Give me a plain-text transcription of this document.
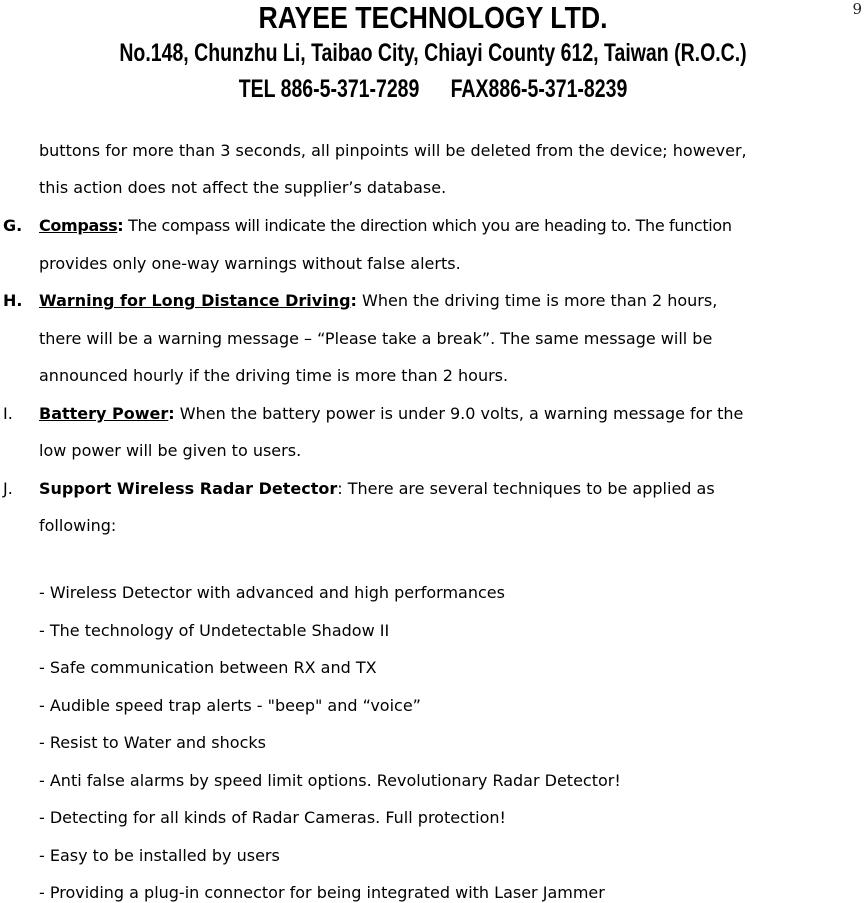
9
RAYEE TECHNOLOGY LTD.
No.148, Chunzhu Li, Taibao City, Chiayi County 612, Taiwan (R.O.C.)
TEL 886-5-371-7289 FAX886-5-371-8239
buttons for more than 3 seconds, all pinpoints will be deleted from the device; however,
this action does not affect the supplier’s database.
G. Compass: The compass will indicate the direction which you are heading to. The function
provides only one-way warnings without false alerts.
H. Warning for Long Distance Driving: When the driving time is more than 2 hours,
there will be a warning message – “Please take a break”. The same message will be
announced hourly if the driving time is more than 2 hours.
I. Battery Power: When the battery power is under 9.0 volts, a warning message for the
low power will be given to users.
J. Support Wireless Radar Detector: There are several techniques to be applied as
following:
- Wireless Detector with advanced and high performances
- The technology of Undetectable Shadow II
- Safe communication between RX and TX
- Audible speed trap alerts - "beep" and “voice”
- Resist to Water and shocks
- Anti false alarms by speed limit options. Revolutionary Radar Detector!
- Detecting for all kinds of Radar Cameras. Full protection!
- Easy to be installed by users
- Providing a plug-in connector for being integrated with Laser Jammer
